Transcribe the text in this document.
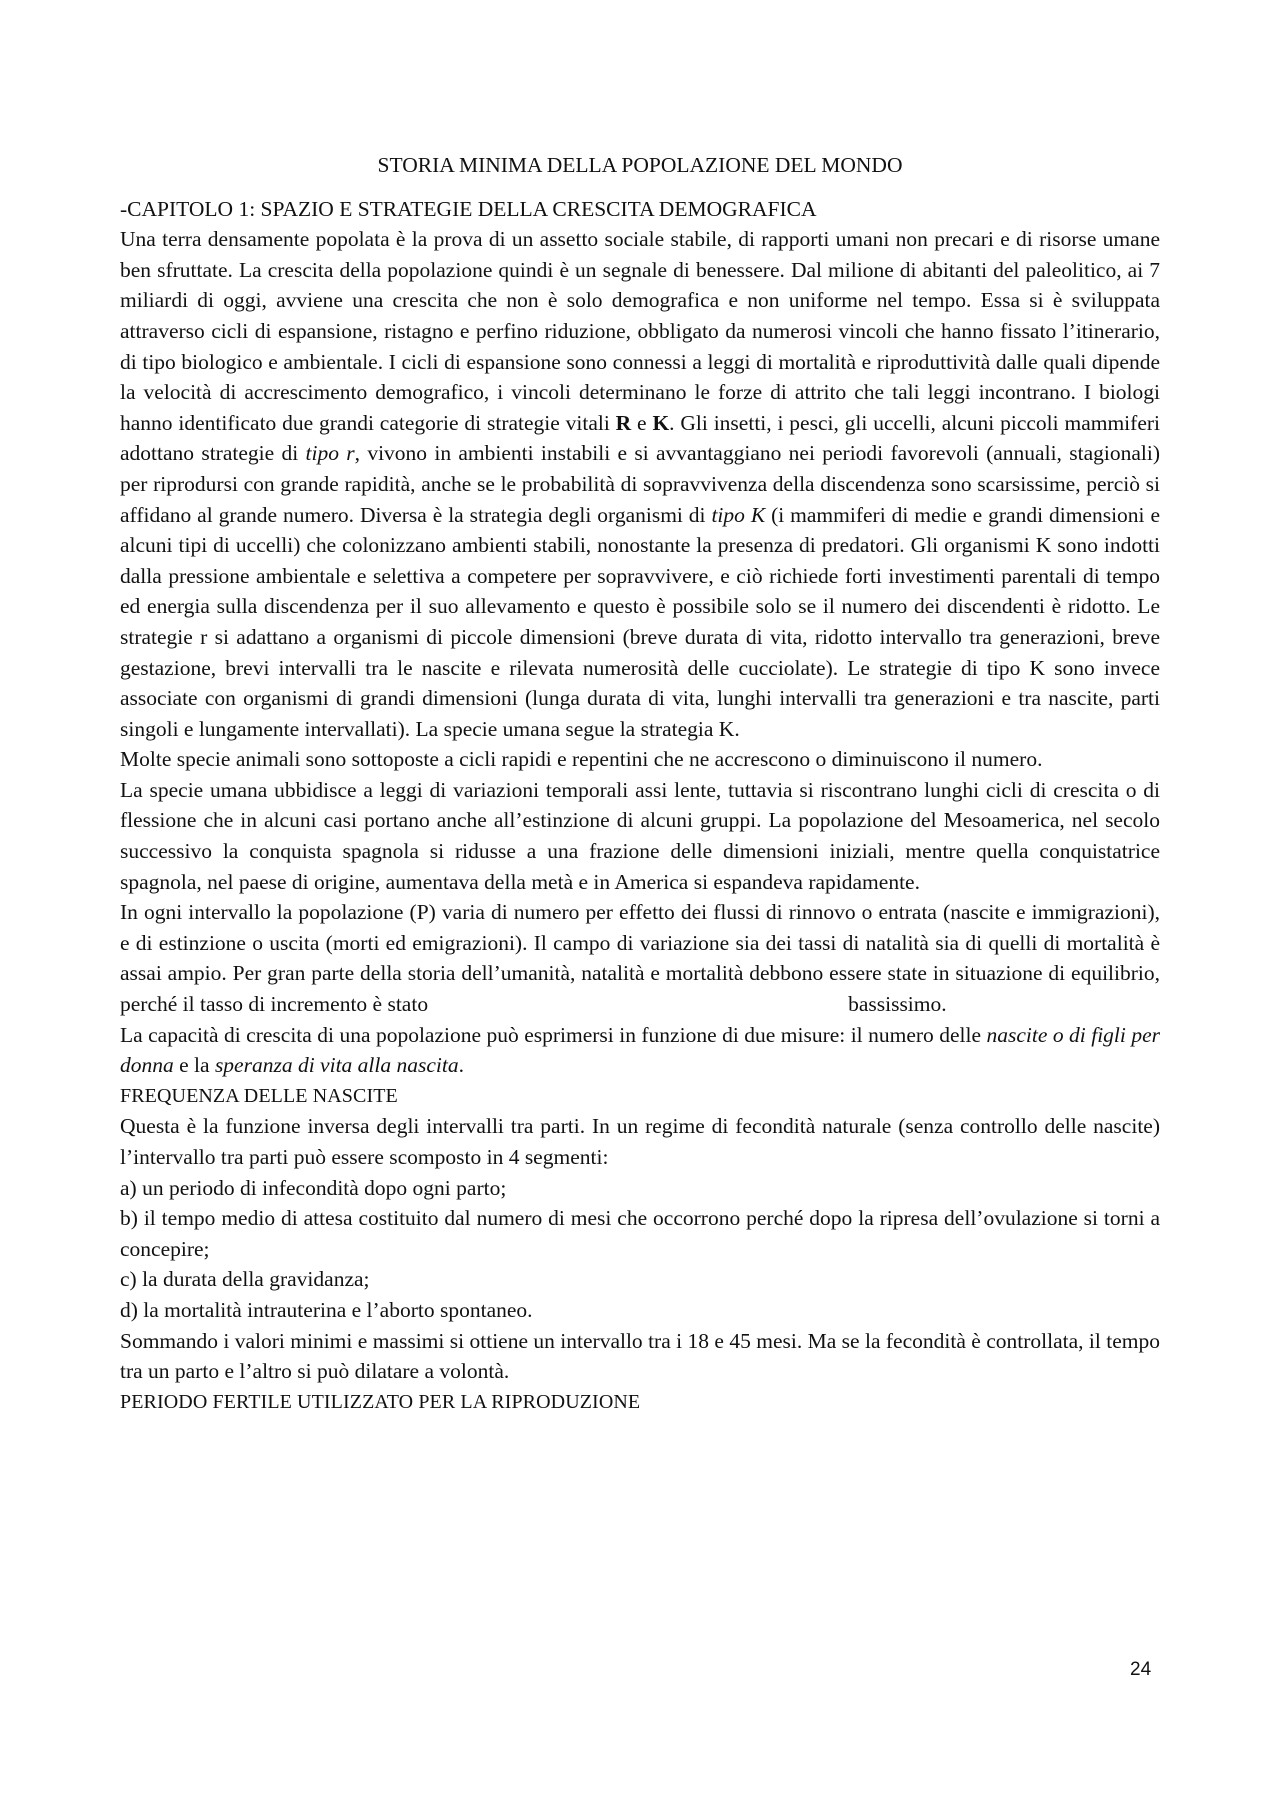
STORIA MINIMA DELLA POPOLAZIONE DEL MONDO
-CAPITOLO 1: SPAZIO E STRATEGIE DELLA CRESCITA DEMOGRAFICA

Una terra densamente popolata è la prova di un assetto sociale stabile, di rapporti umani non precari e di risorse umane ben sfruttate. La crescita della popolazione quindi è un segnale di benessere. Dal milione di abitanti del paleolitico, ai 7 miliardi di oggi, avviene una crescita che non è solo demografica e non uniforme nel tempo. Essa si è sviluppata attraverso cicli di espansione, ristagno e perfino riduzione, obbligato da numerosi vincoli che hanno fissato l’itinerario, di tipo biologico e ambientale. I cicli di espansione sono connessi a leggi di mortalità e riproduttività dalle quali dipende la velocità di accrescimento demografico, i vincoli determinano le forze di attrito che tali leggi incontrano. I biologi hanno identificato due grandi categorie di strategie vitali R e K. Gli insetti, i pesci, gli uccelli, alcuni piccoli mammiferi adottano strategie di tipo r, vivono in ambienti instabili e si avvantaggiano nei periodi favorevoli (annuali, stagionali) per riprodursi con grande rapidità, anche se le probabilità di sopravvivenza della discendenza sono scarsissime, perciò si affidano al grande numero. Diversa è la strategia degli organismi di tipo K (i mammiferi di medie e grandi dimensioni e alcuni tipi di uccelli) che colonizzano ambienti stabili, nonostante la presenza di predatori. Gli organismi K sono indotti dalla pressione ambientale e selettiva a competere per sopravvivere, e ciò richiede forti investimenti parentali di tempo ed energia sulla discendenza per il suo allevamento e questo è possibile solo se il numero dei discendenti è ridotto. Le strategie r si adattano a organismi di piccole dimensioni (breve durata di vita, ridotto intervallo tra generazioni, breve gestazione, brevi intervalli tra le nascite e rilevata numerosità delle cucciolate). Le strategie di tipo K sono invece associate con organismi di grandi dimensioni (lunga durata di vita, lunghi intervalli tra generazioni e tra nascite, parti singoli e lungamente intervallati). La specie umana segue la strategia K.

Molte specie animali sono sottoposte a cicli rapidi e repentini che ne accrescono o diminuiscono il numero.

La specie umana ubbidisce a leggi di variazioni temporali assi lente, tuttavia si riscontrano lunghi cicli di crescita o di flessione che in alcuni casi portano anche all’estinzione di alcuni gruppi. La popolazione del Mesoamerica, nel secolo successivo la conquista spagnola si ridusse a una frazione delle dimensioni iniziali, mentre quella conquistatrice spagnola, nel paese di origine, aumentava della metà e in America si espandeva rapidamente.

In ogni intervallo la popolazione (P) varia di numero per effetto dei flussi di rinnovo o entrata (nascite e immigrazioni), e di estinzione o uscita (morti ed emigrazioni). Il campo di variazione sia dei tassi di natalità sia di quelli di mortalità è assai ampio. Per gran parte della storia dell’umanità, natalità e mortalità debbono essere state in situazione di equilibrio, perché il tasso di incremento è stato	bassissimo.

La capacità di crescita di una popolazione può esprimersi in funzione di due misure: il numero delle nascite o di figli per donna e la speranza di vita alla nascita.

FREQUENZA DELLE NASCITE

Questa è la funzione inversa degli intervalli tra parti. In un regime di fecondità naturale (senza controllo delle nascite) l’intervallo tra parti può essere scomposto in 4 segmenti:

a) un periodo di infecondità dopo ogni parto;

b) il tempo medio di attesa costituito dal numero di mesi che occorrono perché dopo la ripresa dell’ovulazione si torni a concepire;

c) la durata della gravidanza;

d) la mortalità intrauterina e l’aborto spontaneo.

Sommando i valori minimi e massimi si ottiene un intervallo tra i 18 e 45 mesi. Ma se la fecondità è controllata, il tempo tra un parto e l’altro si può dilatare a volontà.

PERIODO FERTILE UTILIZZATO PER LA RIPRODUZIONE
24
